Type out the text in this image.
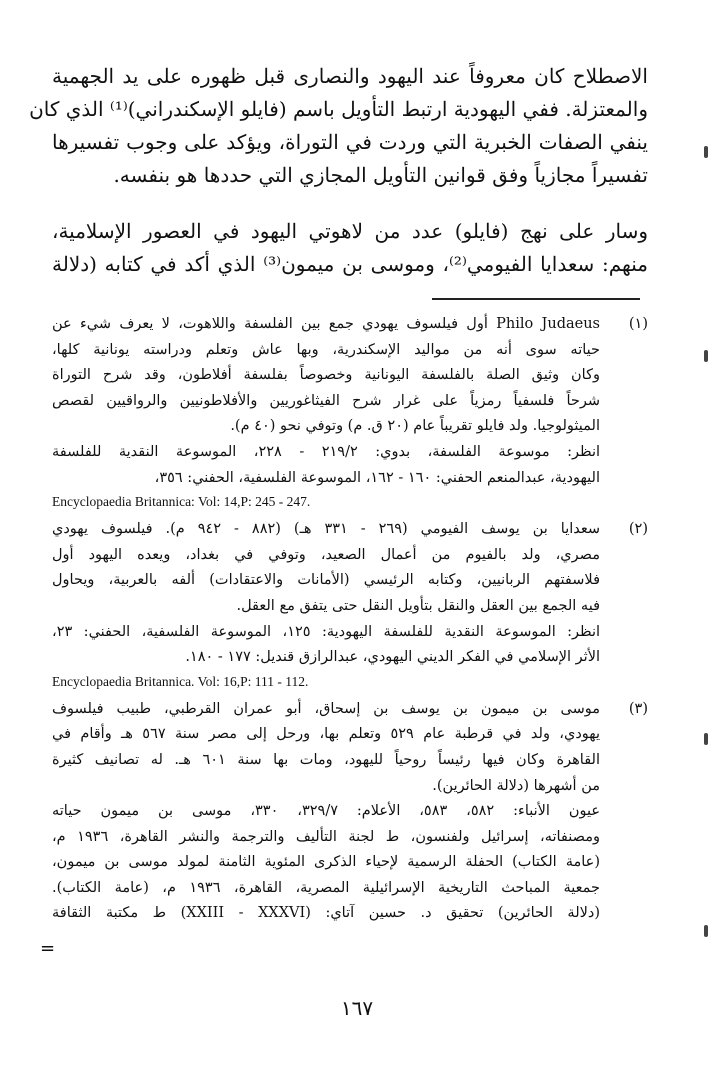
الاصطلاح كان معروفاً عند اليهود والنصارى قبل ظهوره على يد الجهمية
والمعتزلة. ففي اليهودية ارتبط التأويل باسم (فايلو الإسكندراني)⁽¹⁾ الذي كان
ينفي الصفات الخبرية التي وردت في التوراة، ويؤكد على وجوب تفسيرها
تفسيراً مجازياً وفق قوانين التأويل المجازي التي حددها هو بنفسه.
وسار على نهج (فايلو) عدد من لاهوتي اليهود في العصور الإسلامية،
منهم: سعدايا الفيومي⁽²⁾، وموسى بن ميمون⁽³⁾ الذي أكد في كتابه (دلالة
(١)
Philo Judaeus أول فيلسوف يهودي جمع بين الفلسفة واللاهوت، لا يعرف شيء عن
حياته سوى أنه من مواليد الإسكندرية، وبها عاش وتعلم ودراسته يونانية كلها،
وكان وثيق الصلة بالفلسفة اليونانية وخصوصاً بفلسفة أفلاطون، وقد شرح التوراة
شرحاً فلسفياً رمزياً على غرار شرح الفيثاغوريين والأفلاطونيين والرواقيين لقصص
الميثولوجيا. ولد فايلو تقريباً عام (٢٠ ق. م) وتوفي نحو (٤٠ م).
انظر: موسوعة الفلسفة، بدوي: ٢١٩/٢ - ٢٢٨، الموسوعة النقدية للفلسفة
اليهودية، عبدالمنعم الحفني: ١٦٠ - ١٦٢، الموسوعة الفلسفية، الحفني: ٣٥٦،
Encyclopaedia Britannica: Vol: 14,P: 245 - 247.
(٢)
سعدايا بن يوسف الفيومي (٢٦٩ - ٣٣١ هـ) (٨٨٢ - ٩٤٢ م). فيلسوف يهودي
مصري، ولد بالفيوم من أعمال الصعيد، وتوفي في بغداد، ويعده اليهود أول
فلاسفتهم الربانيين، وكتابه الرئيسي (الأمانات والاعتقادات) ألفه بالعربية، ويحاول
فيه الجمع بين العقل والنقل بتأويل النقل حتى يتفق مع العقل.
انظر: الموسوعة النقدية للفلسفة اليهودية: ١٢٥، الموسوعة الفلسفية، الحفني: ٢٣،
الأثر الإسلامي في الفكر الديني اليهودي، عبدالرازق قنديل: ١٧٧ - ١٨٠.
Encyclopaedia Britannica. Vol: 16,P: 111 - 112.
(٣)
موسى بن ميمون بن يوسف بن إسحاق، أبو عمران القرطبي، طبيب فيلسوف
يهودي، ولد في قرطبة عام ٥٢٩ وتعلم بها، ورحل إلى مصر سنة ٥٦٧ هـ وأقام في
القاهرة وكان فيها رئيساً روحياً لليهود، ومات بها سنة ٦٠١ هـ. له تصانيف كثيرة
من أشهرها (دلالة الحائرين).
عيون الأنباء: ٥٨٢، ٥٨٣، الأعلام: ٣٢٩/٧، ٣٣٠، موسى بن ميمون حياته
ومصنفاته، إسرائيل ولفنسون، ط لجنة التأليف والترجمة والنشر القاهرة، ١٩٣٦ م،
(عامة الكتاب) الحفلة الرسمية لإحياء الذكرى المئوية الثامنة لمولد موسى بن ميمون،
جمعية المباحث التاريخية الإسرائيلية المصرية، القاهرة، ١٩٣٦ م، (عامة الكتاب).
(دلالة الحائرين) تحقيق د. حسين آتاي: (XXIII - XXXVI) ط مكتبة الثقافة
=
١٦٧
